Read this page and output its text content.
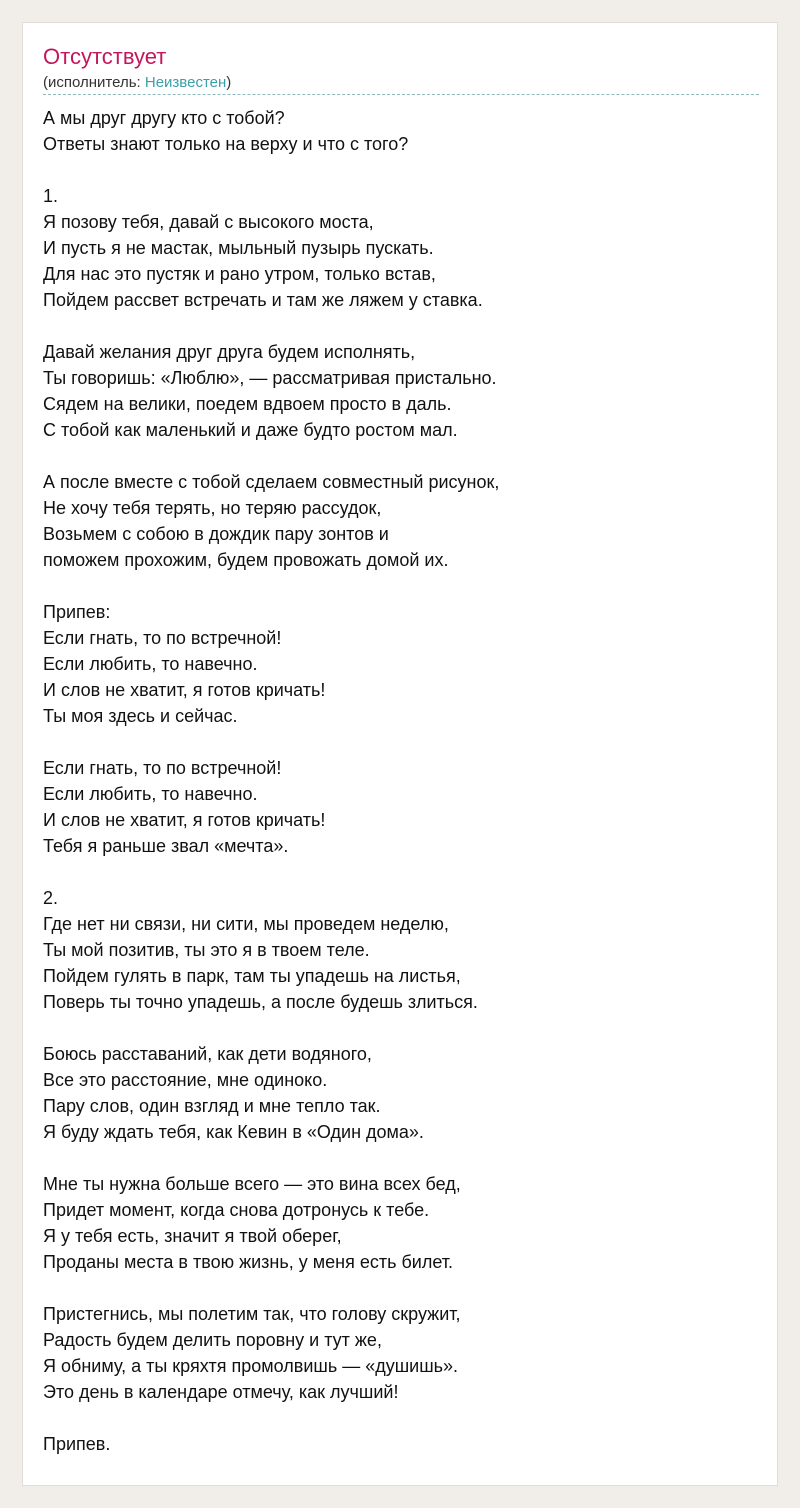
Отсутствует
(исполнитель: Неизвестен)
А мы друг другу кто с тобой?
Ответы знают только на верху и что с того?
1.
Я позову тебя, давай с высокого моста,
И пусть я не мастак, мыльный пузырь пускать.
Для нас это пустяк и рано утром, только встав,
Пойдем рассвет встречать и там же ляжем у ставка.
Давай желания друг друга будем исполнять,
Ты говоришь: «Люблю», — рассматривая пристально.
Сядем на велики, поедем вдвоем просто в даль.
С тобой как маленький и даже будто ростом мал.
А после вместе с тобой сделаем совместный рисунок,
Не хочу тебя терять, но теряю рассудок,
Возьмем с собою в дождик пару зонтов и
поможем прохожим, будем провожать домой их.
Припев:
Если гнать, то по встречной!
Если любить, то навечно.
И слов не хватит, я готов кричать!
Ты моя здесь и сейчас.
Если гнать, то по встречной!
Если любить, то навечно.
И слов не хватит, я готов кричать!
Тебя я раньше звал «мечта».
2.
Где нет ни связи, ни сити, мы проведем неделю,
Ты мой позитив, ты это я в твоем теле.
Пойдем гулять в парк, там ты упадешь на листья,
Поверь ты точно упадешь, а после будешь злиться.
Боюсь расставаний, как дети водяного,
Все это расстояние, мне одиноко.
Пару слов, один взгляд и мне тепло так.
Я буду ждать тебя, как Кевин в «Один дома».
Мне ты нужна больше всего — это вина всех бед,
Придет момент, когда снова дотронусь к тебе.
Я у тебя есть, значит я твой оберег,
Проданы места в твою жизнь, у меня есть билет.
Пристегнись, мы полетим так, что голову скружит,
Радость будем делить поровну и тут же,
Я обниму, а ты кряхтя промолвишь — «душишь».
Это день в календаре отмечу, как лучший!
Припев.
